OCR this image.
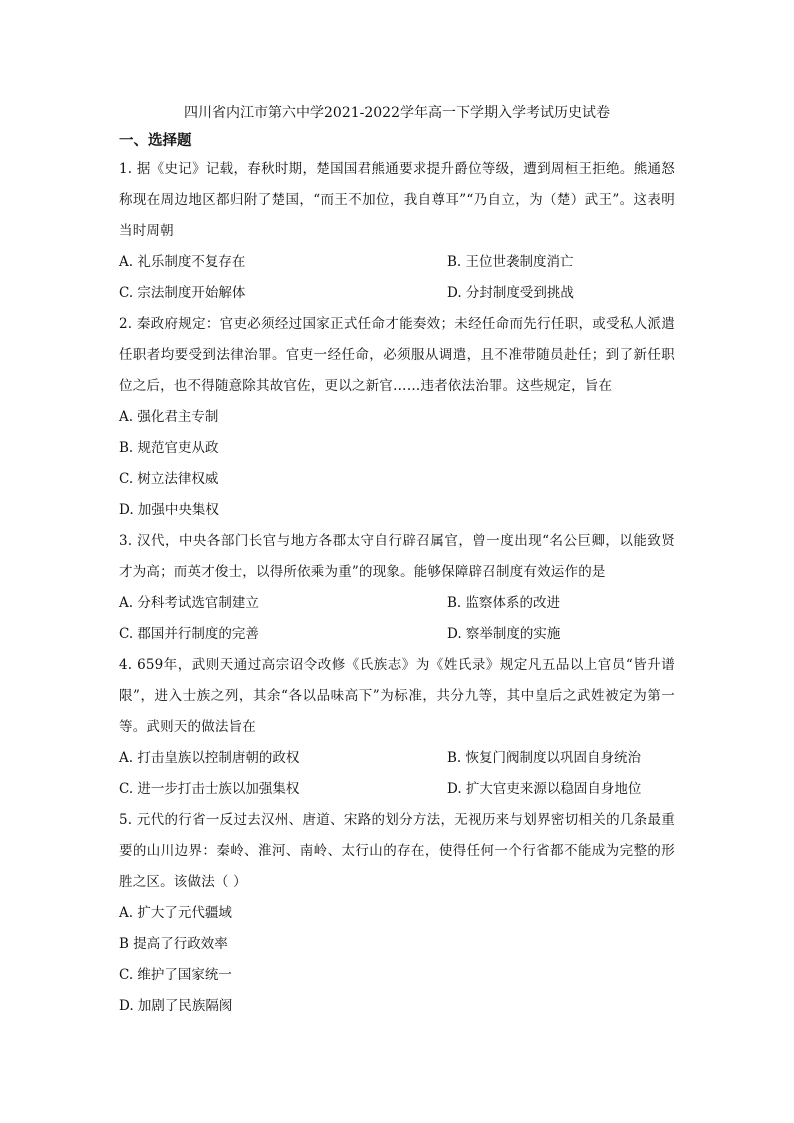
四川省内江市第六中学2021-2022学年高一下学期入学考试历史试卷
一、选择题

1. 据《史记》记载，春秋时期，楚国国君熊通要求提升爵位等级，遭到周桓王拒绝。熊通怒称现在周边地区都归附了楚国，“而王不加位，我自尊耳”“乃自立，为（楚）武王”。这表明当时周朝

A. 礼乐制度不复存在	B. 王位世袭制度消亡
C. 宗法制度开始解体	D. 分封制度受到挑战

2. 秦政府规定：官吏必须经过国家正式任命才能奏效；未经任命而先行任职，或受私人派遣任职者均要受到法律治罪。官吏一经任命，必须服从调遣，且不准带随员赴任；到了新任职位之后，也不得随意除其故官佐，更以之新官……违者依法治罪。这些规定，旨在

A. 强化君主专制
B. 规范官吏从政
C. 树立法律权威
D. 加强中央集权

3. 汉代，中央各部门长官与地方各郡太守自行辟召属官，曾一度出现“名公巨卿，以能致贤才为高；而英才俊士，以得所依乘为重”的现象。能够保障辟召制度有效运作的是

A. 分科考试选官制建立	B. 监察体系的改进
C. 郡国并行制度的完善	D. 察举制度的实施

4. 659年，武则天通过高宗诏令改修《氏族志》为《姓氏录》规定凡五品以上官员“皆升谱限”，进入士族之列，其余“各以品味高下”为标准，共分九等，其中皇后之武姓被定为第一等。武则天的做法旨在

A. 打击皇族以控制唐朝的政权	B. 恢复门阀制度以巩固自身统治
C. 进一步打击士族以加强集权	D. 扩大官吏来源以稳固自身地位

5. 元代的行省一反过去汉州、唐道、宋路的划分方法，无视历来与划界密切相关的几条最重要的山川边界：秦岭、淮河、南岭、太行山的存在，使得任何一个行省都不能成为完整的形胜之区。该做法（ ）

A. 扩大了元代疆域
B 提高了行政效率
C. 维护了国家统一
D. 加剧了民族隔阂
